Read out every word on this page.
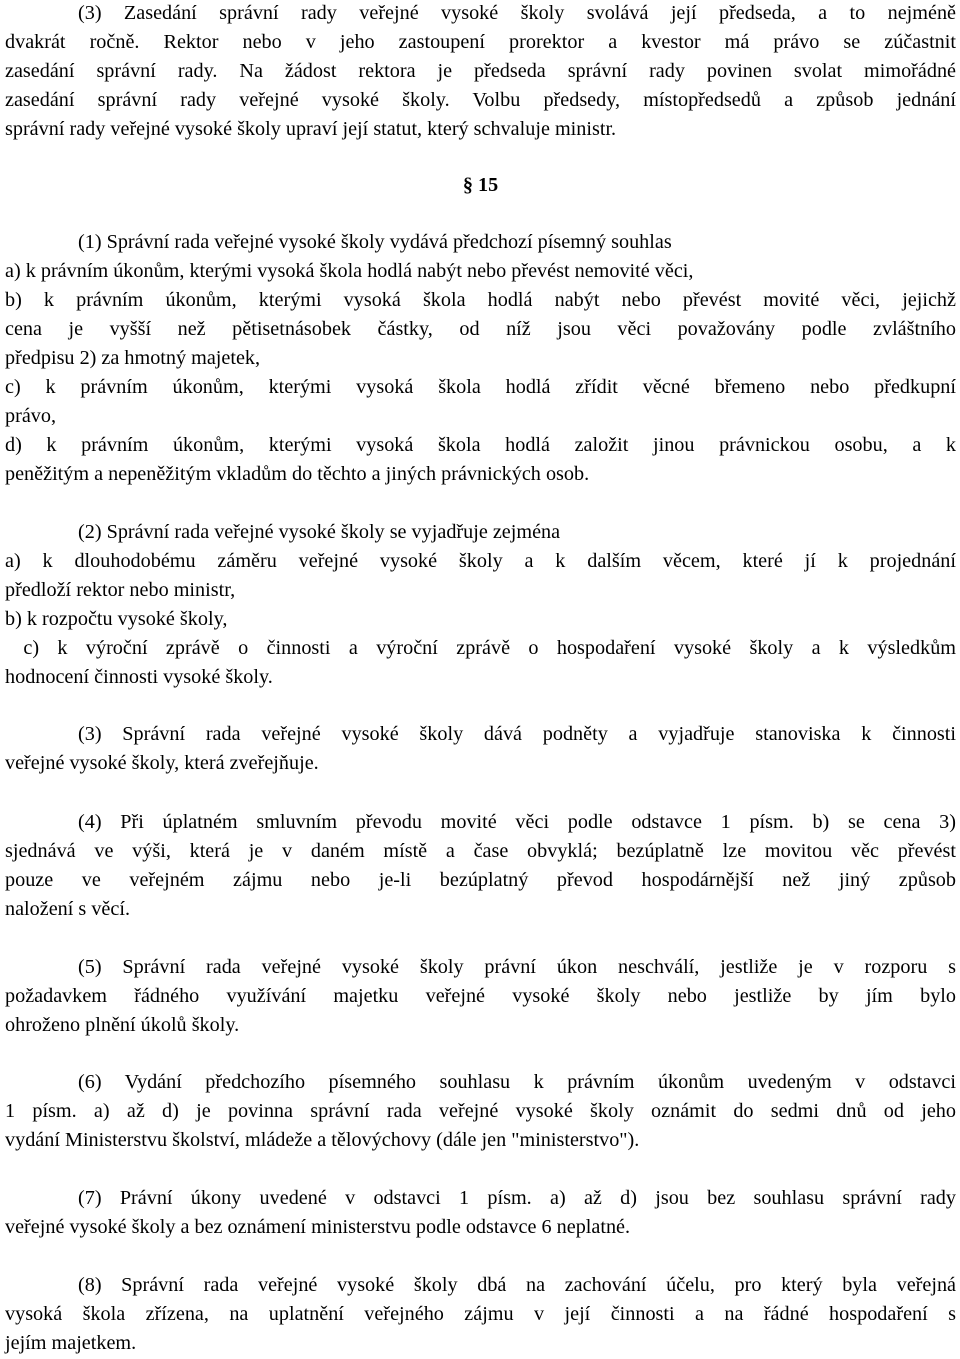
(3) Zasedání správní rady veřejné vysoké školy svolává její předseda, a to nejméně
dvakrát ročně. Rektor nebo v jeho zastoupení prorektor a kvestor má právo se zúčastnit
zasedání správní rady. Na žádost rektora je předseda správní rady povinen svolat mimořádné
zasedání správní rady veřejné vysoké školy. Volbu předsedy, místopředsedů a způsob jednání
správní rady veřejné vysoké školy upraví její statut, který schvaluje ministr.
§ 15
(1) Správní rada veřejné vysoké školy vydává předchozí písemný souhlas
a) k právním úkonům, kterými vysoká škola hodlá nabýt nebo převést nemovité věci,
b) k právním úkonům, kterými vysoká škola hodlá nabýt nebo převést movité věci, jejichž
cena je vyšší než pětisetnásobek částky, od níž jsou věci považovány podle zvláštního
předpisu 2) za hmotný majetek,
c) k právním úkonům, kterými vysoká škola hodlá zřídit věcné břemeno nebo předkupní
právo,
d) k právním úkonům, kterými vysoká škola hodlá založit jinou právnickou osobu, a k
peněžitým a nepeněžitým vkladům do těchto a jiných právnických osob.
(2) Správní rada veřejné vysoké školy se vyjadřuje zejména
a) k dlouhodobému záměru veřejné vysoké školy a k dalším věcem, které jí k projednání
předloží rektor nebo ministr,
b) k rozpočtu vysoké školy,
c) k výroční zprávě o činnosti a výroční zprávě o hospodaření vysoké školy a k výsledkům
hodnocení činnosti vysoké školy.
(3) Správní rada veřejné vysoké školy dává podněty a vyjadřuje stanoviska k činnosti
veřejné vysoké školy, která zveřejňuje.
(4) Při úplatném smluvním převodu movité věci podle odstavce 1 písm. b) se cena 3)
sjednává ve výši, která je v daném místě a čase obvyklá; bezúplatně lze movitou věc převést
pouze ve veřejném zájmu nebo je-li bezúplatný převod hospodárnější než jiný způsob
naložení s věcí.
(5) Správní rada veřejné vysoké školy právní úkon neschválí, jestliže je v rozporu s
požadavkem řádného využívání majetku veřejné vysoké školy nebo jestliže by jím bylo
ohroženo plnění úkolů školy.
(6) Vydání předchozího písemného souhlasu k právním úkonům uvedeným v odstavci
1 písm. a) až d) je povinna správní rada veřejné vysoké školy oznámit do sedmi dnů od jeho
vydání Ministerstvu školství, mládeže a tělovýchovy (dále jen "ministerstvo").
(7) Právní úkony uvedené v odstavci 1 písm. a) až d) jsou bez souhlasu správní rady
veřejné vysoké školy a bez oznámení ministerstvu podle odstavce 6 neplatné.
(8) Správní rada veřejné vysoké školy dbá na zachování účelu, pro který byla veřejná
vysoká škola zřízena, na uplatnění veřejného zájmu v její činnosti a na řádné hospodaření s
jejím majetkem.
